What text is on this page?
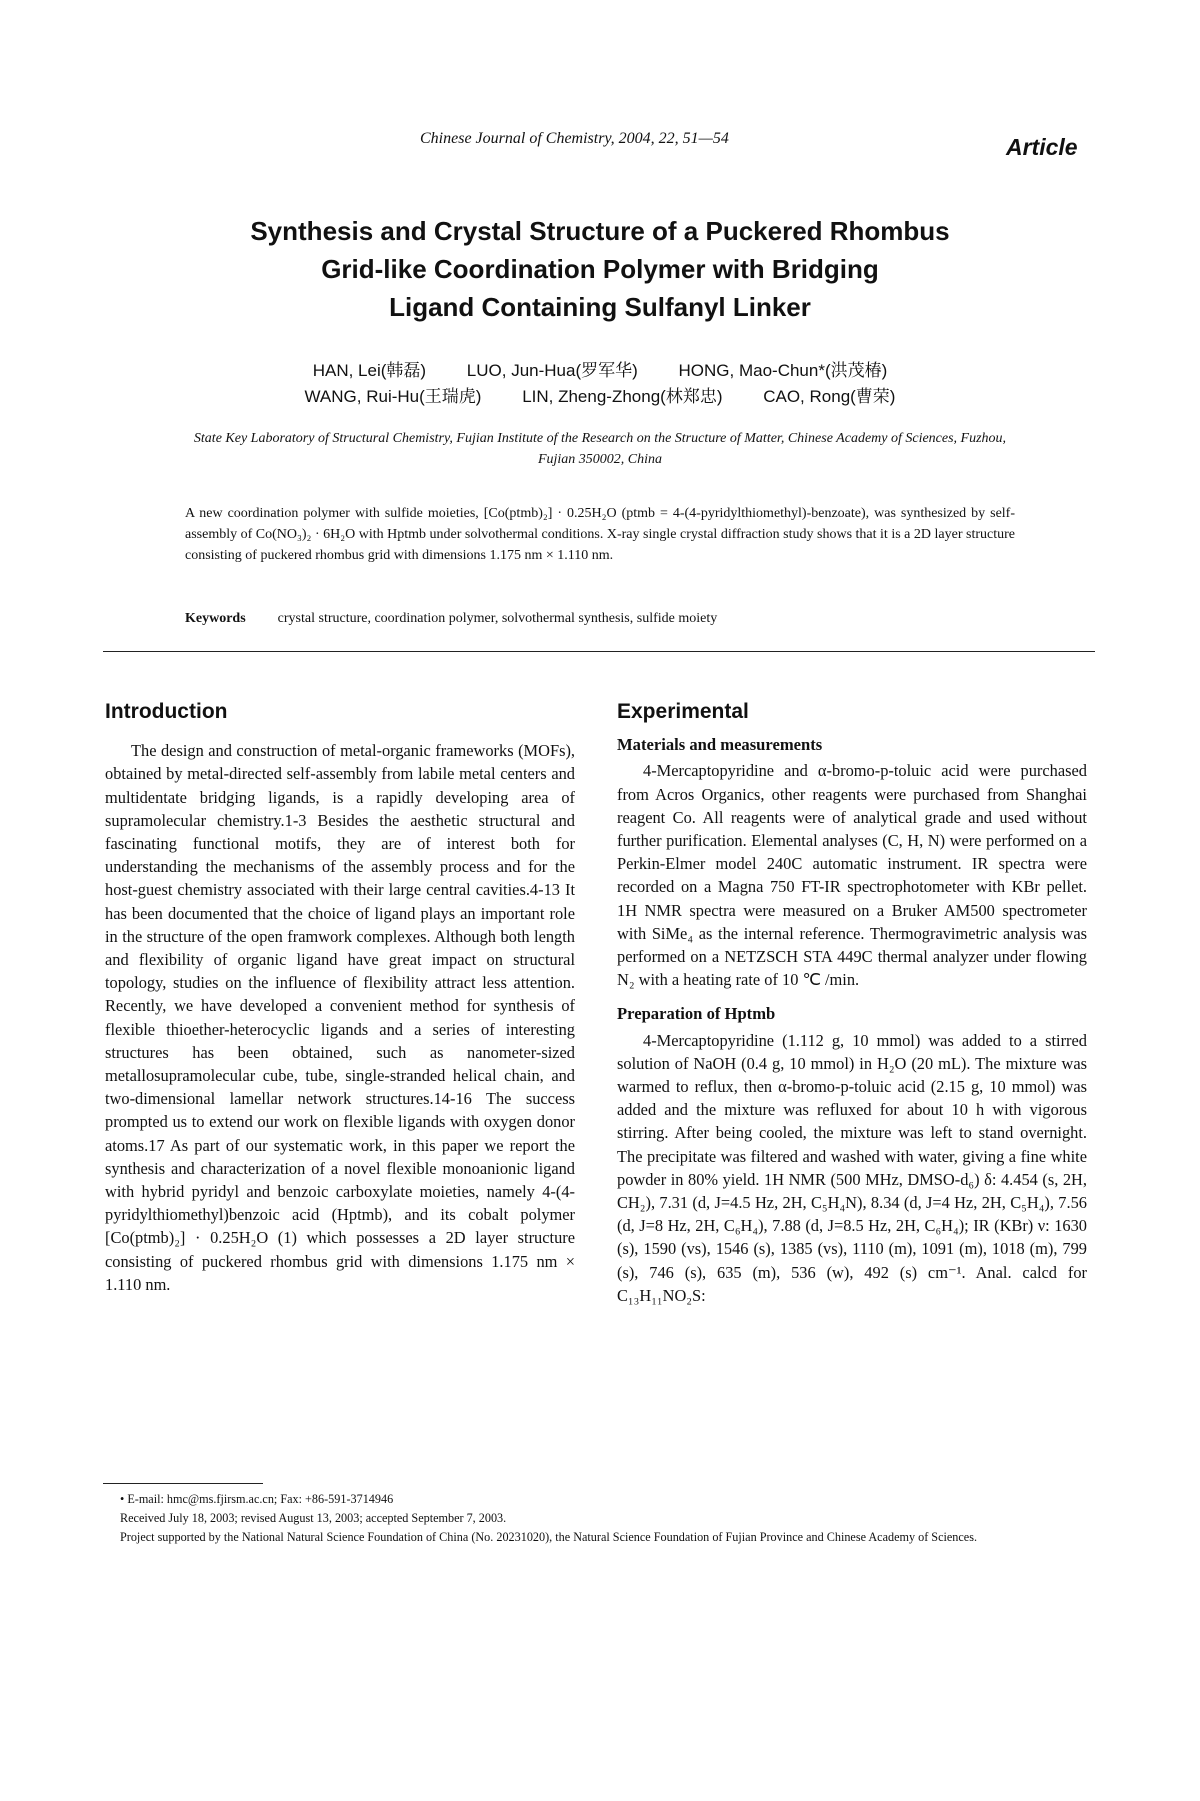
Chinese Journal of Chemistry, 2004, 22, 51—54	Article
Synthesis and Crystal Structure of a Puckered Rhombus
Grid-like Coordination Polymer with Bridging
Ligand Containing Sulfanyl Linker
HAN, Lei(韩磊) LUO, Jun-Hua(罗军华) HONG, Mao-Chun*(洪茂椿)
WANG, Rui-Hu(王瑞虎) LIN, Zheng-Zhong(林郑忠) CAO, Rong(曹荣)
State Key Laboratory of Structural Chemistry, Fujian Institute of the Research on the Structure of Matter, Chinese Academy of Sciences, Fuzhou, Fujian 350002, China
A new coordination polymer with sulfide moieties, [Co(ptmb)₂] · 0.25H₂O (ptmb = 4-(4-pyridylthiomethyl)-benzoate), was synthesized by self-assembly of Co(NO₃)₂ · 6H₂O with Hptmb under solvothermal conditions. X-ray single crystal diffraction study shows that it is a 2D layer structure consisting of puckered rhombus grid with dimensions 1.175 nm × 1.110 nm.
Keywords crystal structure, coordination polymer, solvothermal synthesis, sulfide moiety
Introduction

The design and construction of metal-organic frameworks (MOFs), obtained by metal-directed self-assembly from labile metal centers and multidentate bridging ligands, is a rapidly developing area of supramolecular chemistry.1-3 Besides the aesthetic structural and fascinating functional motifs, they are of interest both for understanding the mechanisms of the assembly process and for the host-guest chemistry associated with their large central cavities.4-13 It has been documented that the choice of ligand plays an important role in the structure of the open framwork complexes. Although both length and flexibility of organic ligand have great impact on structural topology, studies on the influence of flexibility attract less attention. Recently, we have developed a convenient method for synthesis of flexible thioether-heterocyclic ligands and a series of interesting structures has been obtained, such as nanometer-sized metallosupramolecular cube, tube, single-stranded helical chain, and two-dimensional lamellar network structures.14-16 The success prompted us to extend our work on flexible ligands with oxygen donor atoms.17 As part of our systematic work, in this paper we report the synthesis and characterization of a novel flexible monoanionic ligand with hybrid pyridyl and benzoic carboxylate moieties, namely 4-(4-pyridylthiomethyl)benzoic acid (Hptmb), and its cobalt polymer [Co(ptmb)₂] · 0.25H₂O (1) which possesses a 2D layer structure consisting of puckered rhombus grid with dimensions 1.175 nm × 1.110 nm.

Experimental
Materials and measurements

4-Mercaptopyridine and α-bromo-p-toluic acid were purchased from Acros Organics, other reagents were purchased from Shanghai reagent Co. All reagents were of analytical grade and used without further purification. Elemental analyses (C, H, N) were performed on a Perkin-Elmer model 240C automatic instrument. IR spectra were recorded on a Magna 750 FT-IR spectrophotometer with KBr pellet. 1H NMR spectra were measured on a Bruker AM500 spectrometer with SiMe₄ as the internal reference. Thermogravimetric analysis was performed on a NETZSCH STA 449C thermal analyzer under flowing N₂ with a heating rate of 10 ℃ /min.

Preparation of Hptmb

4-Mercaptopyridine (1.112 g, 10 mmol) was added to a stirred solution of NaOH (0.4 g, 10 mmol) in H₂O (20 mL). The mixture was warmed to reflux, then α-bromo-p-toluic acid (2.15 g, 10 mmol) was added and the mixture was refluxed for about 10 h with vigorous stirring. After being cooled, the mixture was left to stand overnight. The precipitate was filtered and washed with water, giving a fine white powder in 80% yield. 1H NMR (500 MHz, DMSO-d₆) δ: 4.454 (s, 2H, CH₂), 7.31 (d, J=4.5 Hz, 2H, C₅H₄N), 8.34 (d, J=4 Hz, 2H, C₅H₄), 7.56 (d, J=8 Hz, 2H, C₆H₄), 7.88 (d, J=8.5 Hz, 2H, C₆H₄); IR (KBr) ν: 1630 (s), 1590 (vs), 1546 (s), 1385 (vs), 1110 (m), 1091 (m), 1018 (m), 799 (s), 746 (s), 635 (m), 536 (w), 492 (s) cm⁻¹. Anal. calcd for C₁₃H₁₁NO₂S:

• E-mail: hmc@ms.fjirsm.ac.cn; Fax: +86-591-3714946
Received July 18, 2003; revised August 13, 2003; accepted September 7, 2003.
Project supported by the National Natural Science Foundation of China (No. 20231020), the Natural Science Foundation of Fujian Province and Chinese Academy of Sciences.
